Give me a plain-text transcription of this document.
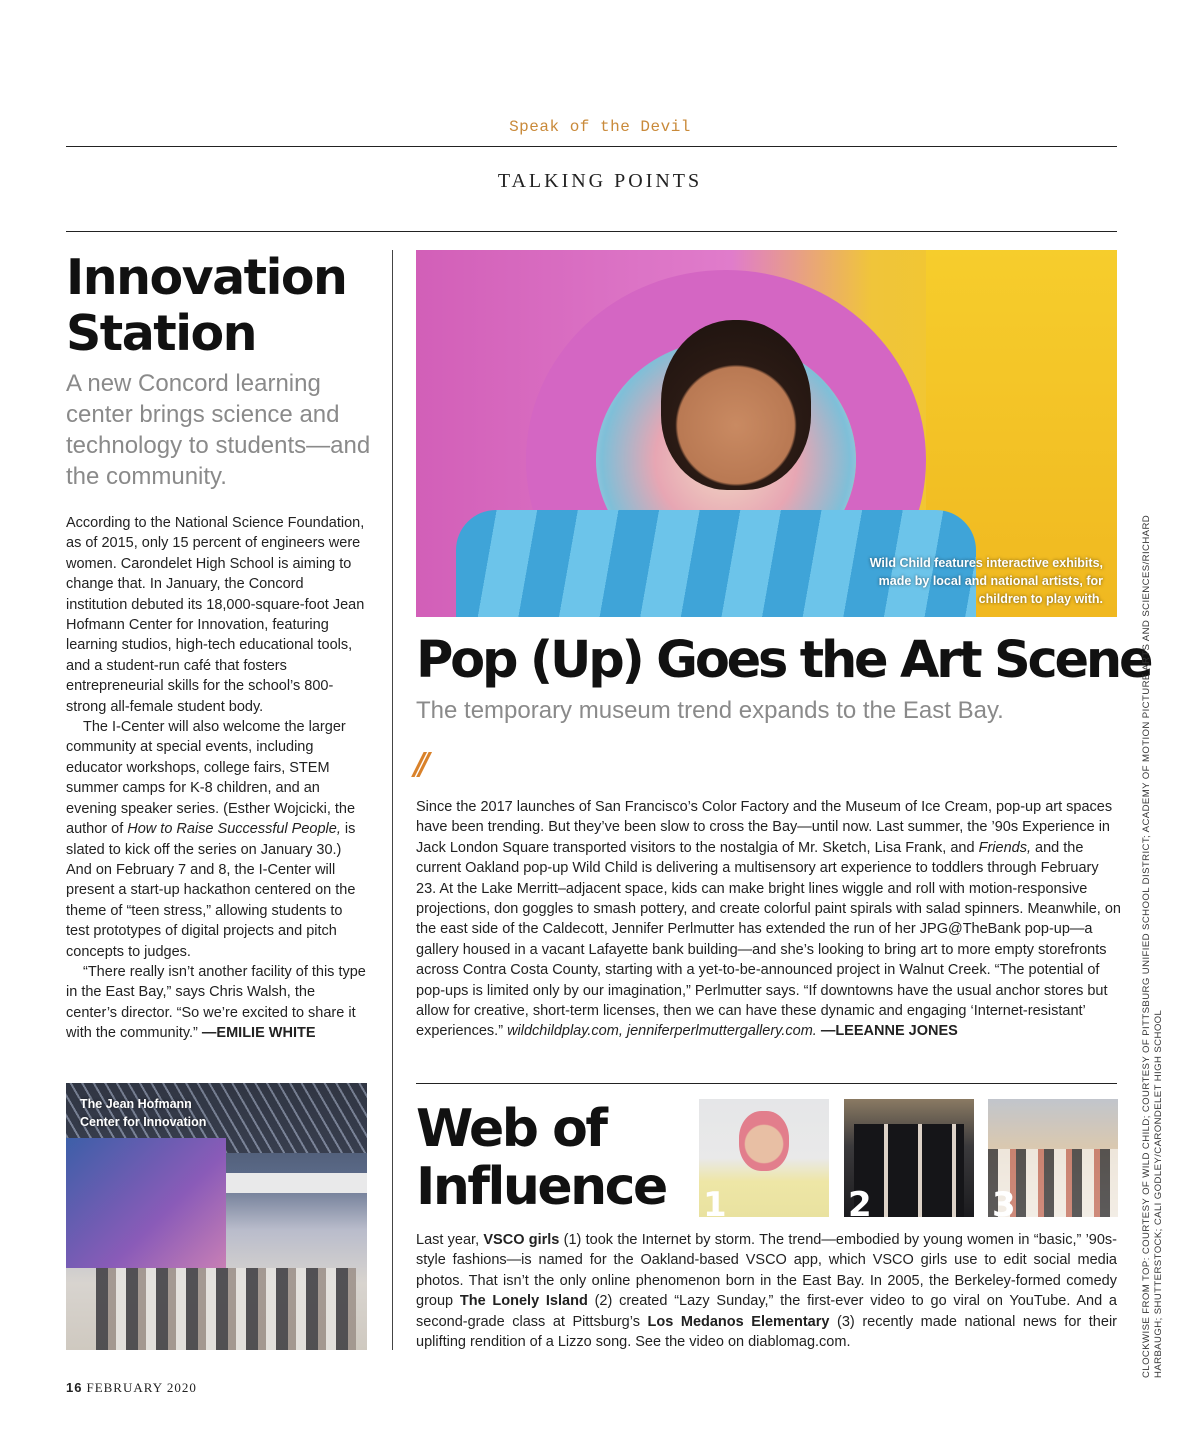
Speak of the Devil
TALKING POINTS
Innovation Station
A new Concord learning center brings science and technology to students—and the community.

According to the National Science Foundation, as of 2015, only 15 percent of engineers were women. Carondelet High School is aiming to change that. In January, the Concord institution debuted its 18,000-square-foot Jean Hofmann Center for Innovation, featuring learning studios, high-tech educational tools, and a student-run café that fosters entrepreneurial skills for the school’s 800-strong all-female student body.

The I-Center will also welcome the larger community at special events, including educator workshops, college fairs, STEM summer camps for K-8 children, and an evening speaker series. (Esther Wojcicki, the author of How to Raise Successful People, is slated to kick off the series on January 30.) And on February 7 and 8, the I-Center will present a start-up hackathon centered on the theme of “teen stress,” allowing students to test prototypes of digital projects and pitch concepts to judges.

“There really isn’t another facility of this type in the East Bay,” says Chris Walsh, the center’s director. “So we’re excited to share it with the community.” —EMILIE WHITE

The Jean Hofmann Center for Innovation
Wild Child features interactive exhibits, made by local and national artists, for children to play with.
Pop (Up) Goes the Art Scene
The temporary museum trend expands to the East Bay.
//
Since the 2017 launches of San Francisco’s Color Factory and the Museum of Ice Cream, pop-up art spaces have been trending. But they’ve been slow to cross the Bay—until now. Last summer, the ’90s Experience in Jack London Square transported visitors to the nostalgia of Mr. Sketch, Lisa Frank, and Friends, and the current Oakland pop-up Wild Child is delivering a multisensory art experience to toddlers through February 23. At the Lake Merritt–adjacent space, kids can make bright lines wiggle and roll with motion-responsive projections, don goggles to smash pottery, and create colorful paint spirals with salad spinners. Meanwhile, on the east side of the Caldecott, Jennifer Perlmutter has extended the run of her JPG@TheBank pop-up—a gallery housed in a vacant Lafayette bank building—and she’s looking to bring art to more empty storefronts across Contra Costa County, starting with a yet-to-be-announced project in Walnut Creek. “The potential of pop-ups is limited only by our imagination,” Perlmutter says. “If downtowns have the usual anchor stores but allow for creative, short-term licenses, then we can have these dynamic and engaging ‘Internet-resistant’ experiences.” wildchildplay.com, jenniferperlmuttergallery.com. —LEEANNE JONES
Web of Influence	1	2	3
Last year, VSCO girls (1) took the Internet by storm. The trend—embodied by young women in “basic,” ’90s-style fashions—is named for the Oakland-based VSCO app, which VSCO girls use to edit social media photos. That isn’t the only online phenomenon born in the East Bay. In 2005, the Berkeley-formed comedy group The Lonely Island (2) created “Lazy Sunday,” the first-ever video to go viral on YouTube. And a second-grade class at Pittsburg’s Los Medanos Elementary (3) recently made national news for their uplifting rendition of a Lizzo song. See the video on diablomag.com.	CLOCKWISE FROM TOP: COURTESY OF WILD CHILD; COURTESY OF PITTSBURG UNIFIED SCHOOL DISTRICT; ACADEMY OF MOTION PICTURE ARTS AND SCIENCES/RICHARD HARBAUGH; SHUTTERSTOCK; CALI GODLEY/CARONDELET HIGH SCHOOL
16 FEBRUARY 2020
